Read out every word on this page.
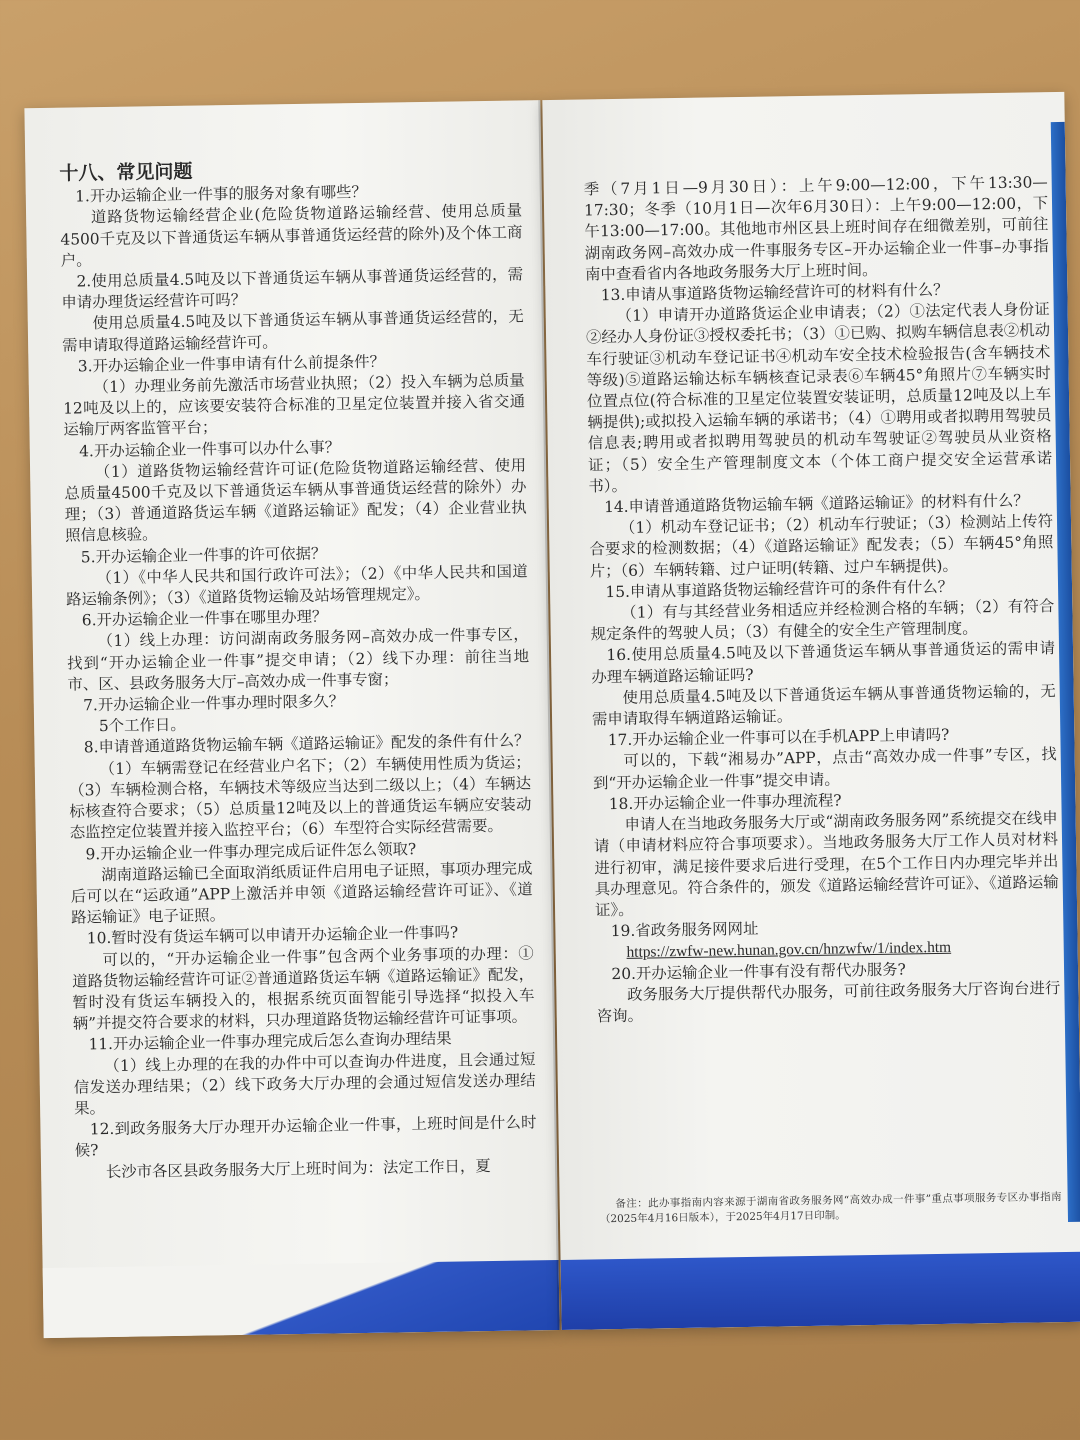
十八、常见问题

1.开办运输企业一件事的服务对象有哪些？

道路货物运输经营企业(危险货物道路运输经营、使用总质量4500千克及以下普通货运车辆从事普通货运经营的除外)及个体工商户。

2.使用总质量4.5吨及以下普通货运车辆从事普通货运经营的，需申请办理货运经营许可吗？

使用总质量4.5吨及以下普通货运车辆从事普通货运经营的，无需申请取得道路运输经营许可。

3.开办运输企业一件事申请有什么前提条件？

（1）办理业务前先激活市场营业执照；（2）投入车辆为总质量12吨及以上的，应该要安装符合标准的卫星定位装置并接入省交通运输厅两客监管平台；

4.开办运输企业一件事可以办什么事？

（1）道路货物运输经营许可证(危险货物道路运输经营、使用总质量4500千克及以下普通货运车辆从事普通货运经营的除外）办理；（3）普通道路货运车辆《道路运输证》配发；（4）企业营业执照信息核验。

5.开办运输企业一件事的许可依据？

（1）《中华人民共和国行政许可法》；（2）《中华人民共和国道路运输条例》；（3）《道路货物运输及站场管理规定》。

6.开办运输企业一件事在哪里办理？

（1）线上办理：访问湖南政务服务网–高效办成一件事专区，找到“开办运输企业一件事”提交申请；（2）线下办理：前往当地市、区、县政务服务大厅–高效办成一件事专窗；

7.开办运输企业一件事办理时限多久？

5个工作日。

8.申请普通道路货物运输车辆《道路运输证》配发的条件有什么？

（1）车辆需登记在经营业户名下；（2）车辆使用性质为货运；（3）车辆检测合格，车辆技术等级应当达到二级以上；（4）车辆达标核查符合要求；（5）总质量12吨及以上的普通货运车辆应安装动态监控定位装置并接入监控平台；（6）车型符合实际经营需要。

9.开办运输企业一件事办理完成后证件怎么领取?

湖南道路运输已全面取消纸质证件启用电子证照，事项办理完成后可以在“运政通”APP上激活并申领《道路运输经营许可证》、《道路运输证》电子证照。

10.暂时没有货运车辆可以申请开办运输企业一件事吗?

可以的，“开办运输企业一件事”包含两个业务事项的办理：①道路货物运输经营许可证②普通道路货运车辆《道路运输证》配发，暂时没有货运车辆投入的，根据系统页面智能引导选择“拟投入车辆”并提交符合要求的材料，只办理道路货物运输经营许可证事项。

11.开办运输企业一件事办理完成后怎么查询办理结果

（1）线上办理的在我的办件中可以查询办件进度，且会通过短信发送办理结果；（2）线下政务大厅办理的会通过短信发送办理结果。

12.到政务服务大厅办理开办运输企业一件事，上班时间是什么时候?

长沙市各区县政务服务大厅上班时间为：法定工作日，夏

季（7月1日—9月30日）：上午9:00—12:00，下午13:30—17:30；冬季（10月1日—次年6月30日）：上午9:00—12:00，下午13:00—17:00。其他地市州区县上班时间存在细微差别，可前往湖南政务网–高效办成一件事服务专区–开办运输企业一件事–办事指南中查看省内各地政务服务大厅上班时间。

13.申请从事道路货物运输经营许可的材料有什么？

（1）申请开办道路货运企业申请表；（2）①法定代表人身份证②经办人身份证③授权委托书；（3）①已购、拟购车辆信息表②机动车行驶证③机动车登记证书④机动车安全技术检验报告(含车辆技术等级)⑤道路运输达标车辆核查记录表⑥车辆45°角照片⑦车辆实时位置点位(符合标准的卫星定位装置安装证明，总质量12吨及以上车辆提供);或拟投入运输车辆的承诺书；（4）①聘用或者拟聘用驾驶员信息表;聘用或者拟聘用驾驶员的机动车驾驶证②驾驶员从业资格证；（5）安全生产管理制度文本（个体工商户提交安全运营承诺书）。

14.申请普通道路货物运输车辆《道路运输证》的材料有什么？

（1）机动车登记证书；（2）机动车行驶证；（3）检测站上传符合要求的检测数据；（4）《道路运输证》配发表；（5）车辆45°角照片；（6）车辆转籍、过户证明(转籍、过户车辆提供)。

15.申请从事道路货物运输经营许可的条件有什么？

（1）有与其经营业务相适应并经检测合格的车辆；（2）有符合规定条件的驾驶人员；（3）有健全的安全生产管理制度。

16.使用总质量4.5吨及以下普通货运车辆从事普通货运的需申请办理车辆道路运输证吗?

使用总质量4.5吨及以下普通货运车辆从事普通货物运输的，无需申请取得车辆道路运输证。

17.开办运输企业一件事可以在手机APP上申请吗?

可以的，下载“湘易办”APP，点击“高效办成一件事”专区，找到“开办运输企业一件事”提交申请。

18.开办运输企业一件事办理流程?

申请人在当地政务服务大厅或“湖南政务服务网”系统提交在线申请（申请材料应符合事项要求）。当地政务服务大厅工作人员对材料进行初审，满足接件要求后进行受理，在5个工作日内办理完毕并出具办理意见。符合条件的，颁发《道路运输经营许可证》、《道路运输证》。

19.省政务服务网网址

https://zwfw-new.hunan.gov.cn/hnzwfw/1/index.htm

20.开办运输企业一件事有没有帮代办服务?

政务服务大厅提供帮代办服务，可前往政务服务大厅咨询台进行咨询。

备注：此办事指南内容来源于湖南省政务服务网“高效办成一件事”重点事项服务专区办事指南（2025年4月16日版本），于2025年4月17日印制。
